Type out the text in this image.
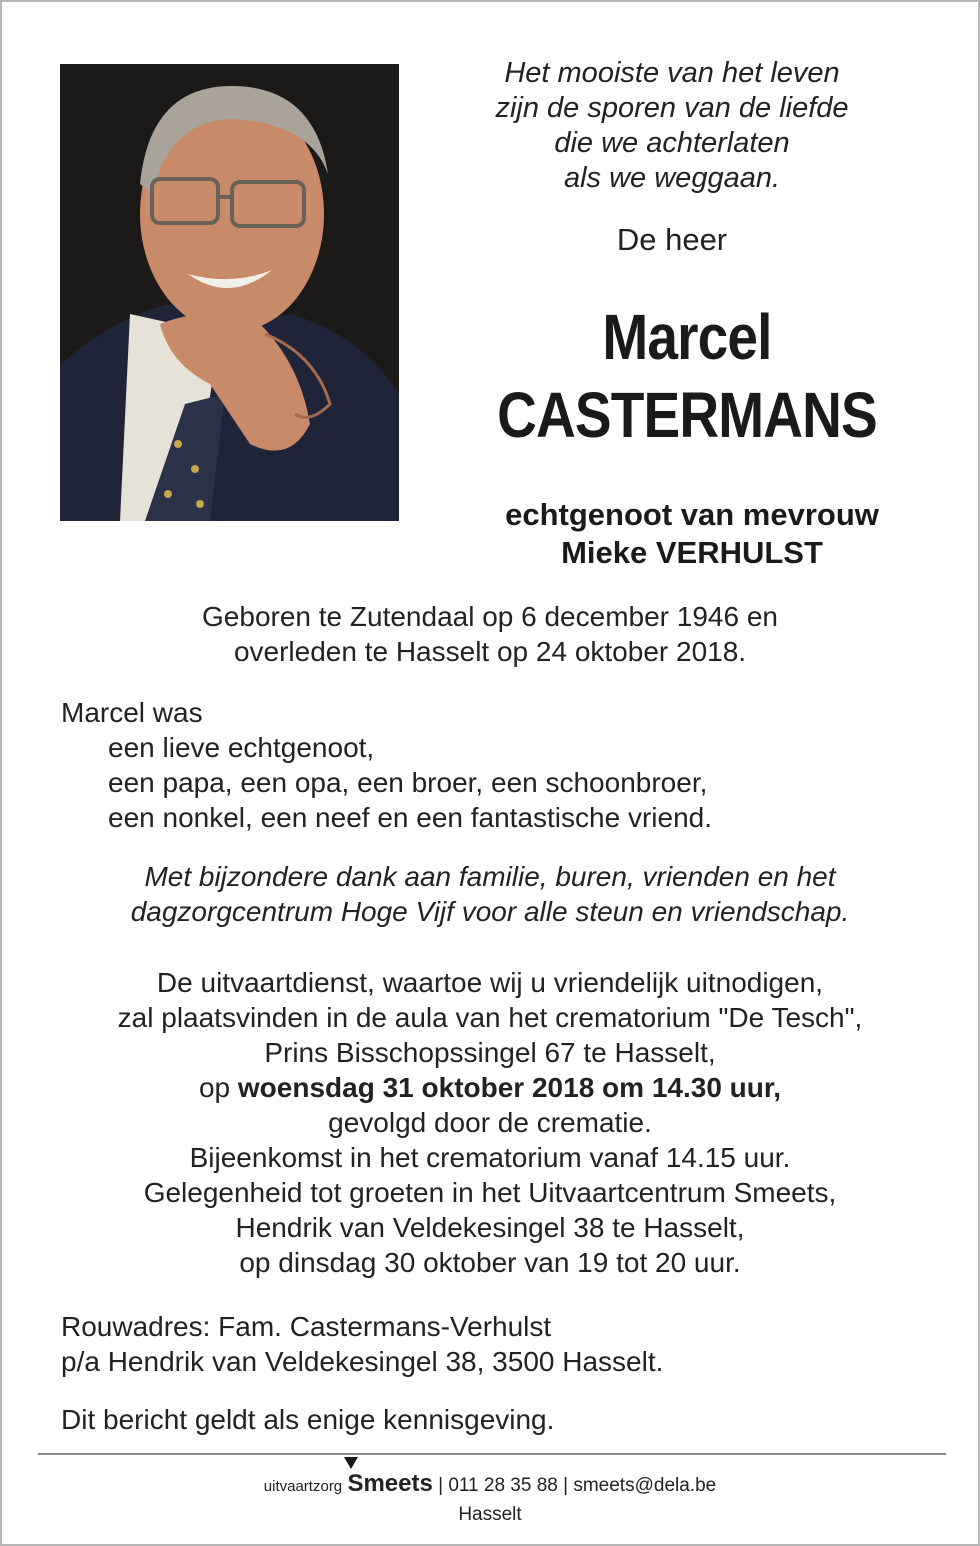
Het mooiste van het leven
zijn de sporen van de liefde
die we achterlaten
als we weggaan.
De heer
Marcel
CASTERMANS
echtgenoot van mevrouw
Mieke VERHULST
Geboren te Zutendaal op 6 december 1946 en
overleden te Hasselt op 24 oktober 2018.
Marcel was
een lieve echtgenoot,
een papa, een opa, een broer, een schoonbroer,
een nonkel, een neef en een fantastische vriend.
Met bijzondere dank aan familie, buren, vrienden en het
dagzorgcentrum Hoge Vijf voor alle steun en vriendschap.
De uitvaartdienst, waartoe wij u vriendelijk uitnodigen,
zal plaatsvinden in de aula van het crematorium "De Tesch",
Prins Bisschopssingel 67 te Hasselt,
op woensdag 31 oktober 2018 om 14.30 uur,
gevolgd door de crematie.
Bijeenkomst in het crematorium vanaf 14.15 uur.
Gelegenheid tot groeten in het Uitvaartcentrum Smeets,
Hendrik van Veldekesingel 38 te Hasselt,
op dinsdag 30 oktober van 19 tot 20 uur.
Rouwadres: Fam. Castermans-Verhulst
p/a Hendrik van Veldekesingel 38, 3500 Hasselt.
Dit bericht geldt als enige kennisgeving.
uitvaartzorg Smeets | 011 28 35 88 | smeets@dela.be
Hasselt
